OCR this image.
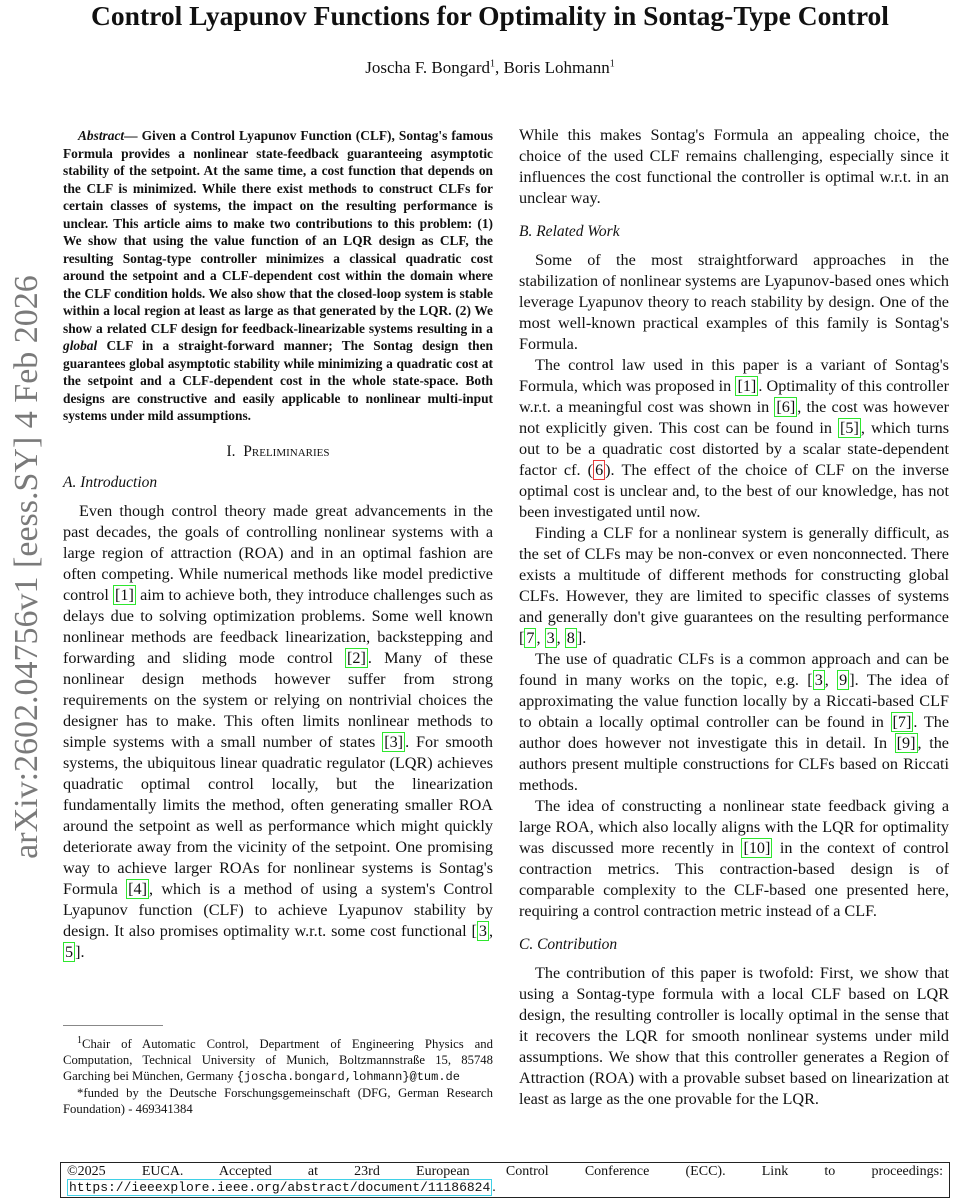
arXiv:2602.04756v1 [eess.SY] 4 Feb 2026
Control Lyapunov Functions for Optimality in Sontag-Type Control
Joscha F. Bongard$^1$, Boris Lohmann$^1$

Abstract— Given a Control Lyapunov Function (CLF), Sontag's famous Formula provides a nonlinear state-feedback guaranteeing asymptotic stability of the setpoint. At the same time, a cost function that depends on the CLF is minimized. While there exist methods to construct CLFs for certain classes of systems, the impact on the resulting performance is unclear. This article aims to make two contributions to this problem: (1) We show that using the value function of an LQR design as CLF, the resulting Sontag-type controller minimizes a classical quadratic cost around the setpoint and a CLF-dependent cost within the domain where the CLF condition holds. We also show that the closed-loop system is stable within a local region at least as large as that generated by the LQR. (2) We show a related CLF design for feedback-linearizable systems resulting in a global CLF in a straight-forward manner; The Sontag design then guarantees global asymptotic stability while minimizing a quadratic cost at the setpoint and a CLF-dependent cost in the whole state-space. Both designs are constructive and easily applicable to nonlinear multi-input systems under mild assumptions.

I. Preliminaries
A. Introduction

Even though control theory made great advancements in the past decades, the goals of controlling nonlinear systems with a large region of attraction (ROA) and in an optimal fashion are often competing. While numerical methods like model predictive control [1] aim to achieve both, they introduce challenges such as delays due to solving optimization problems. Some well known nonlinear methods are feedback linearization, backstepping and forwarding and sliding mode control [2] . Many of these nonlinear design methods however suffer from strong requirements on the system or relying on nontrivial choices the designer has to make. This often limits nonlinear methods to simple systems with a small number of states [3] . For smooth systems, the ubiquitous linear quadratic regulator (LQR) achieves quadratic optimal control locally, but the linearization fundamentally limits the method, often generating smaller ROA around the setpoint as well as performance which might quickly deteriorate away from the vicinity of the setpoint. One promising way to achieve larger ROAs for nonlinear systems is Sontag's Formula [4] , which is a method of using a system's Control Lyapunov function (CLF) to achieve Lyapunov stability by design. It also promises optimality w.r.t. some cost functional [ 3 , 5 ].

$^1$Chair of Automatic Control, Department of Engineering Physics and Computation, Technical University of Munich, Boltzmannstraße 15, 85748 Garching bei München, Germany {joscha.bongard,lohmann}@tum.de

*funded by the Deutsche Forschungsgemeinschaft (DFG, German Research Foundation) - 469341384

While this makes Sontag's Formula an appealing choice, the choice of the used CLF remains challenging, especially since it influences the cost functional the controller is optimal w.r.t. in an unclear way.

B. Related Work

Some of the most straightforward approaches in the stabilization of nonlinear systems are Lyapunov-based ones which leverage Lyapunov theory to reach stability by design. One of the most well-known practical examples of this family is Sontag's Formula.

The control law used in this paper is a variant of Sontag's Formula, which was proposed in [1] . Optimality of this controller w.r.t. a meaningful cost was shown in [6] , the cost was however not explicitly given. This cost can be found in [5] , which turns out to be a quadratic cost distorted by a scalar state-dependent factor cf. ( 6 ). The effect of the choice of CLF on the inverse optimal cost is unclear and, to the best of our knowledge, has not been investigated until now.

Finding a CLF for a nonlinear system is generally difficult, as the set of CLFs may be non-convex or even nonconnected. There exists a multitude of different methods for constructing global CLFs. However, they are limited to specific classes of systems and generally don't give guarantees on the resulting performance [ 7 , 3 , 8 ].

The use of quadratic CLFs is a common approach and can be found in many works on the topic, e.g. [ 3 , 9 ]. The idea of approximating the value function locally by a Riccati-based CLF to obtain a locally optimal controller can be found in [7] . The author does however not investigate this in detail. In [9] , the authors present multiple constructions for CLFs based on Riccati methods.

The idea of constructing a nonlinear state feedback giving a large ROA, which also locally aligns with the LQR for optimality was discussed more recently in [10] in the context of control contraction metrics. This contraction-based design is of comparable complexity to the CLF-based one presented here, requiring a control contraction metric instead of a CLF.

C. Contribution

The contribution of this paper is twofold: First, we show that using a Sontag-type formula with a local CLF based on LQR design, the resulting controller is locally optimal in the sense that it recovers the LQR for smooth nonlinear systems under mild assumptions. We show that this controller generates a Region of Attraction (ROA) with a provable subset based on linearization at least as large as the one provable for the LQR.

©2025 EUCA. Accepted at 23rd European Control Conference (ECC). Link to proceedings: https://ieeexplore.ieee.org/abstract/document/11186824 .
